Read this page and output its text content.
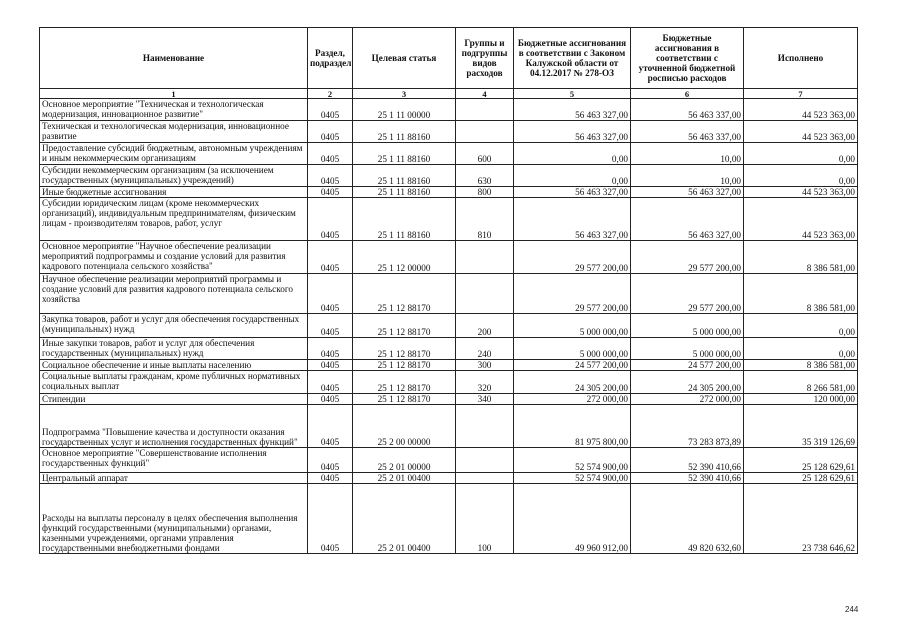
Наименование	Раздел, подраздел	Целевая статья	Группы и подгруппы видов расходов	Бюджетные ассигнования в соответствии с Законом Калужской области от 04.12.2017 № 278-ОЗ	Бюджетные ассигнования в соответствии с уточненной бюджетной росписью расходов	Исполнено
1	2	3	4	5	6	7
Основное мероприятие "Техническая и технологическая модернизация, инновационное развитие"	0405	25 1 11 00000		56 463 327,00	56 463 337,00	44 523 363,00
Техническая и технологическая модернизация, инновационное развитие	0405	25 1 11 88160		56 463 327,00	56 463 337,00	44 523 363,00
Предоставление субсидий бюджетным, автономным учреждениям и иным некоммерческим организациям	0405	25 1 11 88160	600	0,00	10,00	0,00
Субсидии некоммерческим организациям (за исключением государственных (муниципальных) учреждений)	0405	25 1 11 88160	630	0,00	10,00	0,00
Иные бюджетные ассигнования	0405	25 1 11 88160	800	56 463 327,00	56 463 327,00	44 523 363,00
Субсидии юридическим лицам (кроме некоммерческих организаций), индивидуальным предпринимателям, физическим лицам - производителям товаров, работ, услуг	0405	25 1 11 88160	810	56 463 327,00	56 463 327,00	44 523 363,00
Основное мероприятие "Научное обеспечение реализации мероприятий подпрограммы и создание условий для развития кадрового потенциала сельского хозяйства"	0405	25 1 12 00000		29 577 200,00	29 577 200,00	8 386 581,00
Научное обеспечение реализации мероприятий программы и создание условий для развития кадрового потенциала сельского хозяйства	0405	25 1 12 88170		29 577 200,00	29 577 200,00	8 386 581,00
Закупка товаров, работ и услуг для обеспечения государственных (муниципальных) нужд	0405	25 1 12 88170	200	5 000 000,00	5 000 000,00	0,00
Иные закупки товаров, работ и услуг для обеспечения государственных (муниципальных) нужд	0405	25 1 12 88170	240	5 000 000,00	5 000 000,00	0,00
Социальное обеспечение и иные выплаты населению	0405	25 1 12 88170	300	24 577 200,00	24 577 200,00	8 386 581,00
Социальные выплаты гражданам, кроме публичных нормативных социальных выплат	0405	25 1 12 88170	320	24 305 200,00	24 305 200,00	8 266 581,00
Стипендии	0405	25 1 12 88170	340	272 000,00	272 000,00	120 000,00
Подпрограмма "Повышение качества и доступности оказания государственных услуг и исполнения государственных функций"	0405	25 2 00 00000		81 975 800,00	73 283 873,89	35 319 126,69
Основное мероприятие "Совершенствование исполнения государственных функций"	0405	25 2 01 00000		52 574 900,00	52 390 410,66	25 128 629,61
Центральный аппарат	0405	25 2 01 00400		52 574 900,00	52 390 410,66	25 128 629,61
Расходы на выплаты персоналу в целях обеспечения выполнения функций государственными (муниципальными) органами, казенными учреждениями, органами управления государственными внебюджетными фондами	0405	25 2 01 00400	100	49 960 912,00	49 820 632,60	23 738 646,62
244
